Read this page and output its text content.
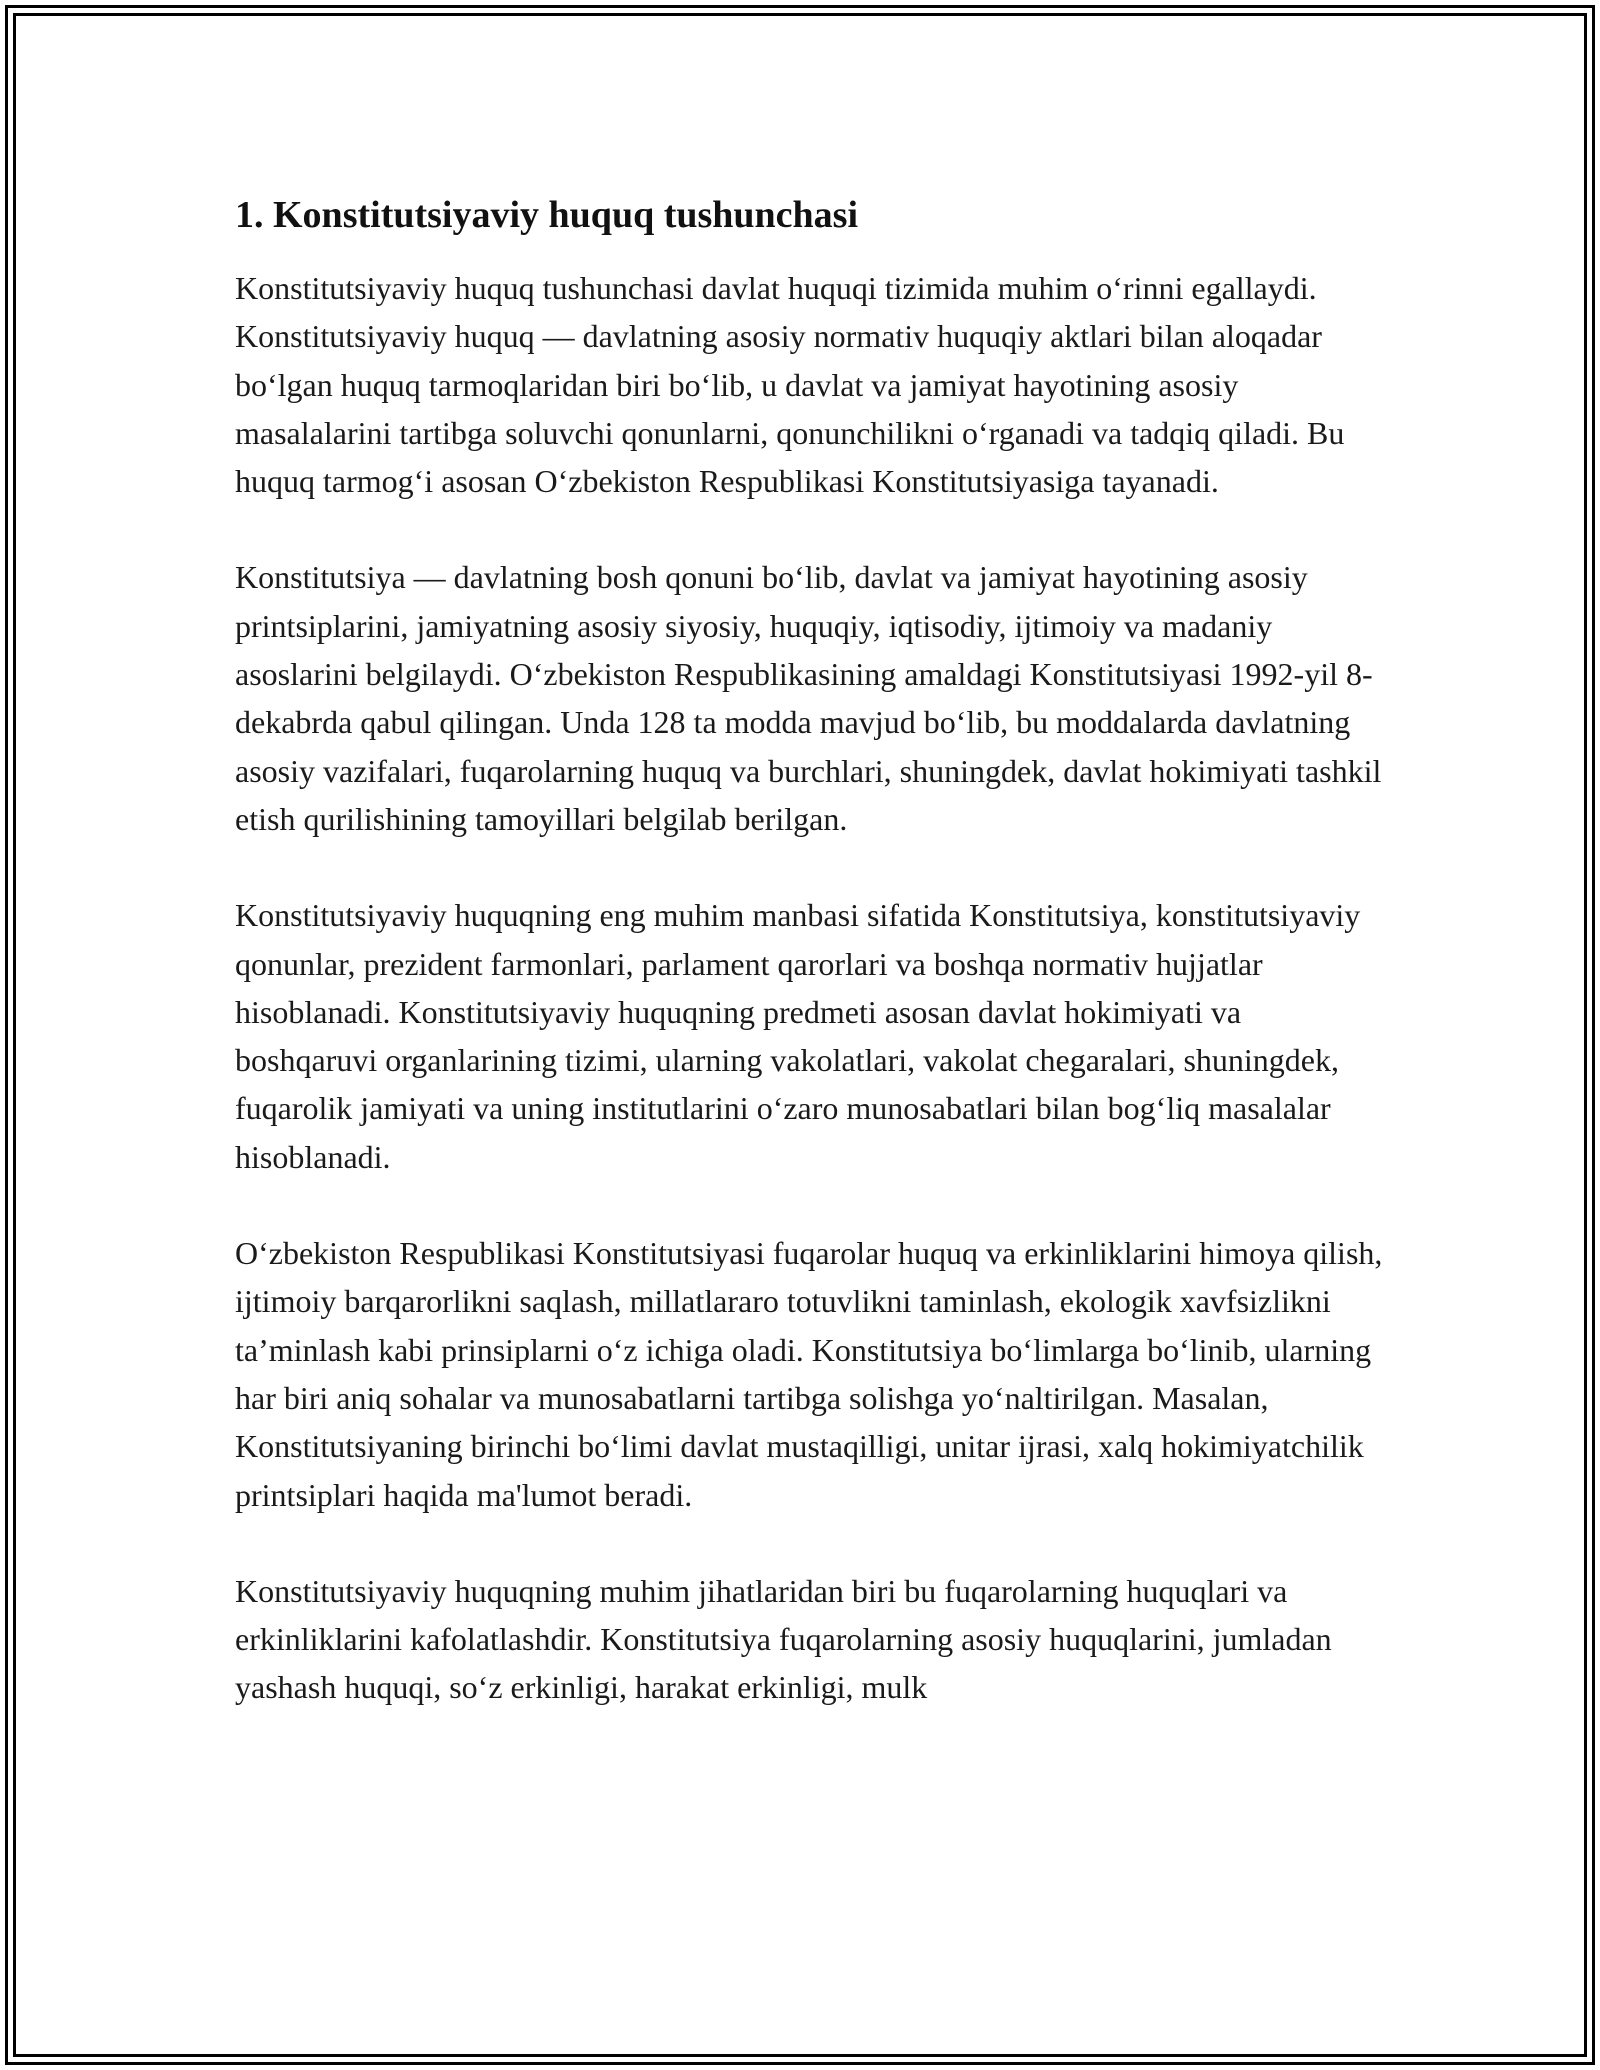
1. Konstitutsiyaviy huquq tushunchasi

Konstitutsiyaviy huquq tushunchasi davlat huquqi tizimida muhim oʻrinni egallaydi. Konstitutsiyaviy huquq — davlatning asosiy normativ huquqiy aktlari bilan aloqadar boʻlgan huquq tarmoqlaridan biri boʻlib, u davlat va jamiyat hayotining asosiy masalalarini tartibga soluvchi qonunlarni, qonunchilikni oʻrganadi va tadqiq qiladi. Bu huquq tarmogʻi asosan Oʻzbekiston Respublikasi Konstitutsiyasiga tayanadi.

Konstitutsiya — davlatning bosh qonuni boʻlib, davlat va jamiyat hayotining asosiy printsiplarini, jamiyatning asosiy siyosiy, huquqiy, iqtisodiy, ijtimoiy va madaniy asoslarini belgilaydi. Oʻzbekiston Respublikasining amaldagi Konstitutsiyasi 1992-yil 8-dekabrda qabul qilingan. Unda 128 ta modda mavjud boʻlib, bu moddalarda davlatning asosiy vazifalari, fuqarolarning huquq va burchlari, shuningdek, davlat hokimiyati tashkil etish qurilishining tamoyillari belgilab berilgan.

Konstitutsiyaviy huquqning eng muhim manbasi sifatida Konstitutsiya, konstitutsiyaviy qonunlar, prezident farmonlari, parlament qarorlari va boshqa normativ hujjatlar hisoblanadi. Konstitutsiyaviy huquqning predmeti asosan davlat hokimiyati va boshqaruvi organlarining tizimi, ularning vakolatlari, vakolat chegaralari, shuningdek, fuqarolik jamiyati va uning institutlarini oʻzaro munosabatlari bilan bogʻliq masalalar hisoblanadi.

Oʻzbekiston Respublikasi Konstitutsiyasi fuqarolar huquq va erkinliklarini himoya qilish, ijtimoiy barqarorlikni saqlash, millatlararo totuvlikni taminlash, ekologik xavfsizlikni ta’minlash kabi prinsiplarni oʻz ichiga oladi. Konstitutsiya boʻlimlarga boʻlinib, ularning har biri aniq sohalar va munosabatlarni tartibga solishga yoʻnaltirilgan. Masalan, Konstitutsiyaning birinchi boʻlimi davlat mustaqilligi, unitar ijrasi, xalq hokimiyatchilik printsiplari haqida ma'lumot beradi.

Konstitutsiyaviy huquqning muhim jihatlaridan biri bu fuqarolarning huquqlari va erkinliklarini kafolatlashdir. Konstitutsiya fuqarolarning asosiy huquqlarini, jumladan yashash huquqi, soʻz erkinligi, harakat erkinligi, mulk
